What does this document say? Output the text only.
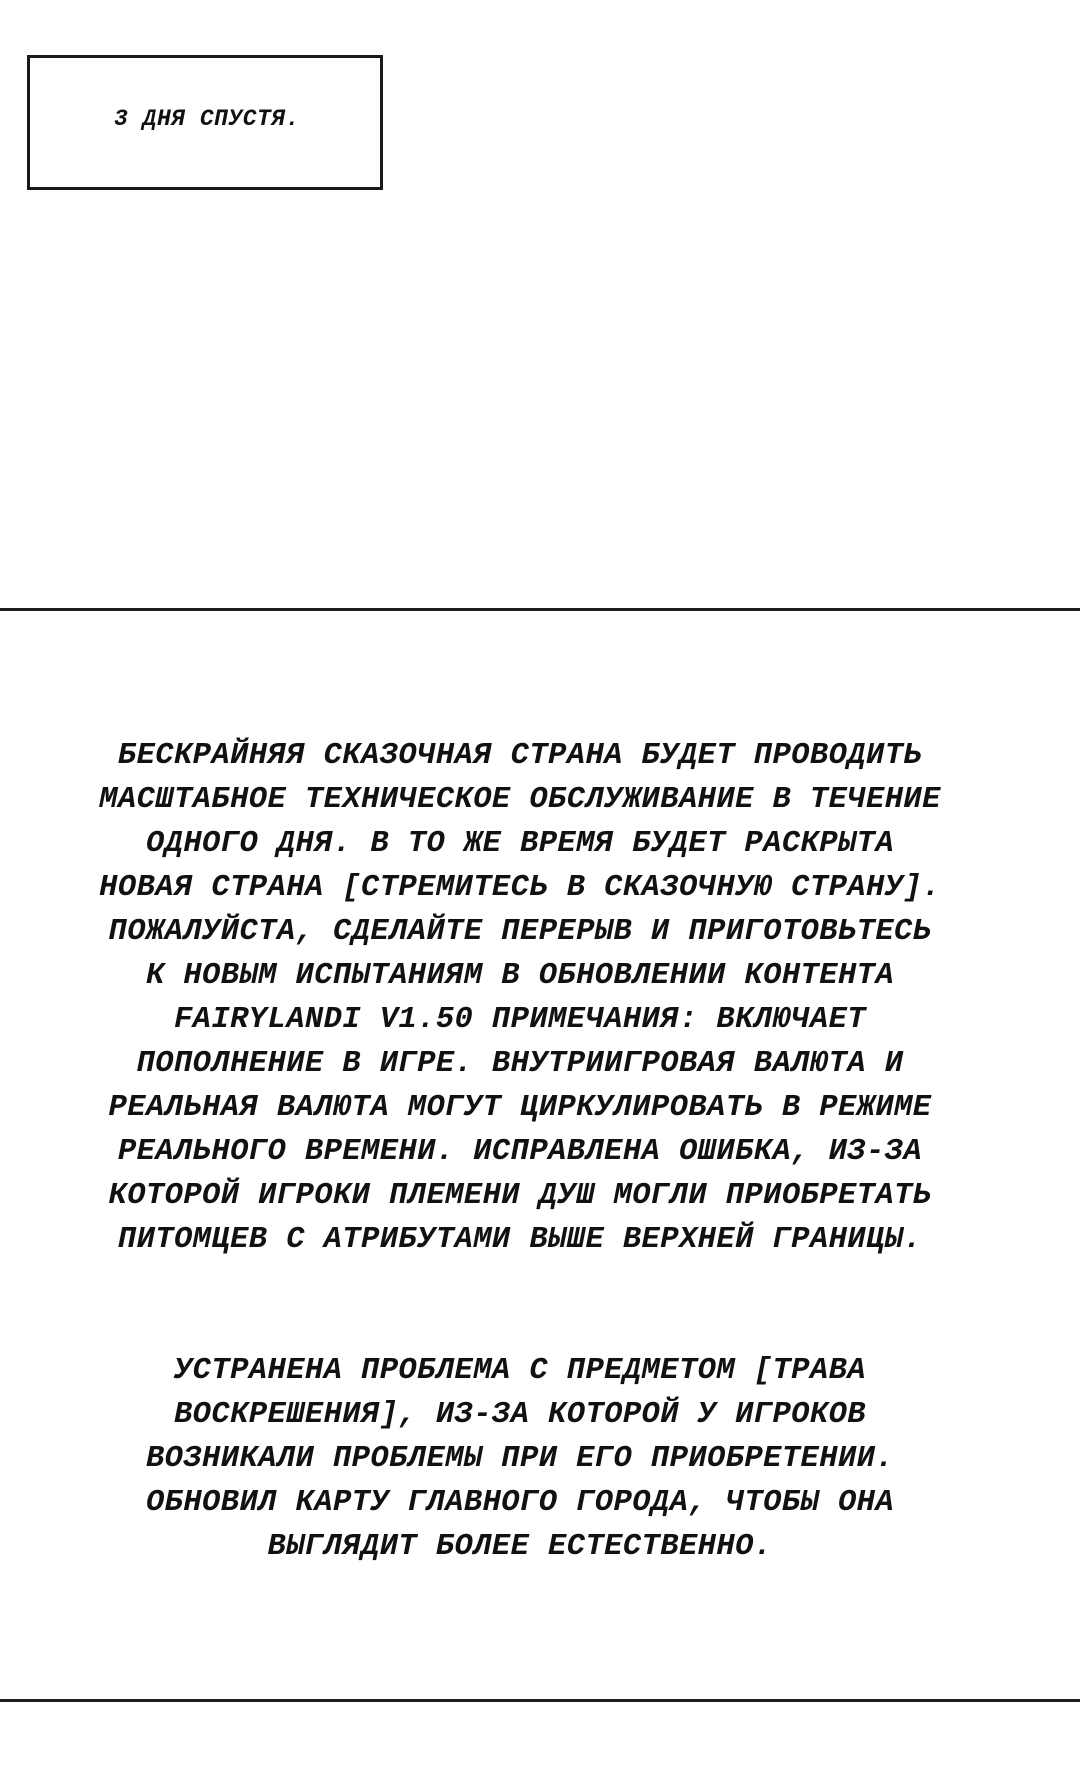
3 ДНЯ СПУСТЯ.
БЕСКРАЙНЯЯ СКАЗОЧНАЯ СТРАНА БУДЕТ ПРОВОДИТЬ
МАСШТАБНОЕ ТЕХНИЧЕСКОЕ ОБСЛУЖИВАНИЕ В ТЕЧЕНИЕ
ОДНОГО ДНЯ. В ТО ЖЕ ВРЕМЯ БУДЕТ РАСКРЫТА
НОВАЯ СТРАНА [СТРЕМИТЕСЬ В СКАЗОЧНУЮ СТРАНУ].
ПОЖАЛУЙСТА, СДЕЛАЙТЕ ПЕРЕРЫВ И ПРИГОТОВЬТЕСЬ
К НОВЫМ ИСПЫТАНИЯМ В ОБНОВЛЕНИИ КОНТЕНТА
FAIRYLANDI V1.50 ПРИМЕЧАНИЯ: ВКЛЮЧАЕТ
ПОПОЛНЕНИЕ В ИГРЕ. ВНУТРИИГРОВАЯ ВАЛЮТА И
РЕАЛЬНАЯ ВАЛЮТА МОГУТ ЦИРКУЛИРОВАТЬ В РЕЖИМЕ
РЕАЛЬНОГО ВРЕМЕНИ. ИСПРАВЛЕНА ОШИБКА, ИЗ-ЗА
КОТОРОЙ ИГРОКИ ПЛЕМЕНИ ДУШ МОГЛИ ПРИОБРЕТАТЬ
ПИТОМЦЕВ С АТРИБУТАМИ ВЫШЕ ВЕРХНЕЙ ГРАНИЦЫ.
УСТРАНЕНА ПРОБЛЕМА С ПРЕДМЕТОМ [ТРАВА
ВОСКРЕШЕНИЯ], ИЗ-ЗА КОТОРОЙ У ИГРОКОВ
ВОЗНИКАЛИ ПРОБЛЕМЫ ПРИ ЕГО ПРИОБРЕТЕНИИ.
ОБНОВИЛ КАРТУ ГЛАВНОГО ГОРОДА, ЧТОБЫ ОНА
ВЫГЛЯДИТ БОЛЕЕ ЕСТЕСТВЕННО.
